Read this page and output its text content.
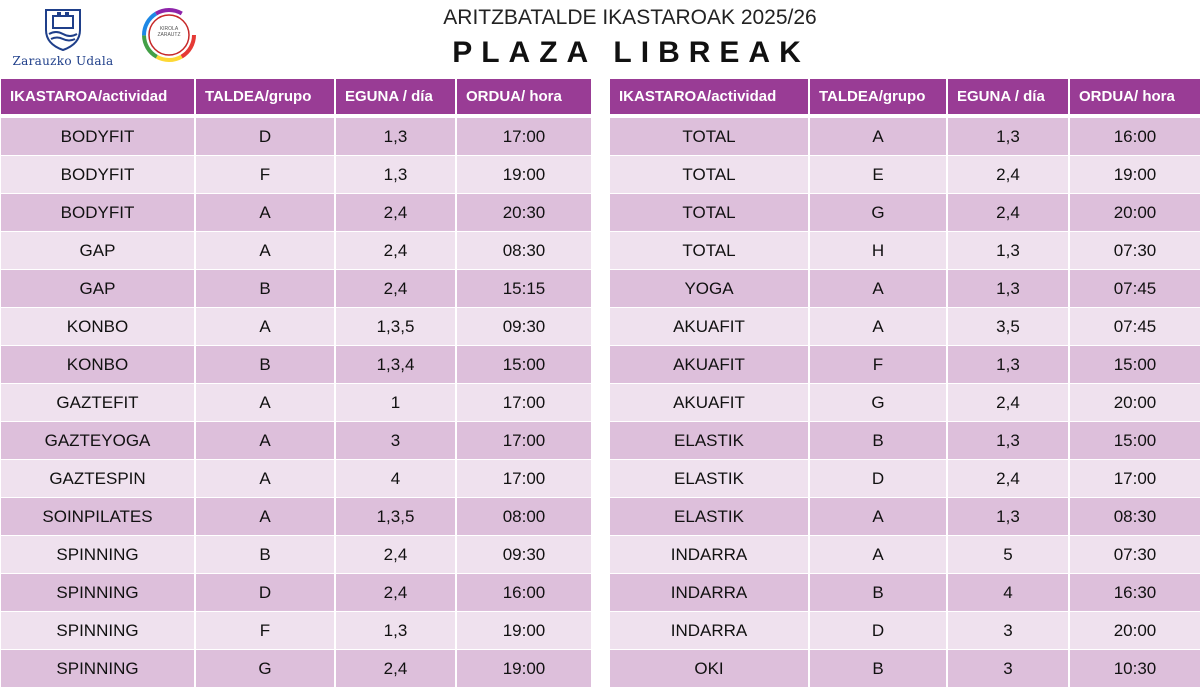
Zarauzko Udala
KIROLA ZARAUTZ
ARITZBATALDE IKASTAROAK 2025/26
PLAZA LIBREAK
IKASTAROA/actividad	TALDEA/grupo	EGUNA / día	ORDUA/ hora

BODYFIT	D	1,3	17:00
BODYFIT	F	1,3	19:00
BODYFIT	A	2,4	20:30
GAP	A	2,4	08:30
GAP	B	2,4	15:15
KONBO	A	1,3,5	09:30
KONBO	B	1,3,4	15:00
GAZTEFIT	A	1	17:00
GAZTEYOGA	A	3	17:00
GAZTESPIN	A	4	17:00
SOINPILATES	A	1,3,5	08:00
SPINNING	B	2,4	09:30
SPINNING	D	2,4	16:00
SPINNING	F	1,3	19:00
SPINNING	G	2,4	19:00
IKASTAROA/actividad	TALDEA/grupo	EGUNA / día	ORDUA/ hora

TOTAL	A	1,3	16:00
TOTAL	E	2,4	19:00
TOTAL	G	2,4	20:00
TOTAL	H	1,3	07:30
YOGA	A	1,3	07:45
AKUAFIT	A	3,5	07:45
AKUAFIT	F	1,3	15:00
AKUAFIT	G	2,4	20:00
ELASTIK	B	1,3	15:00
ELASTIK	D	2,4	17:00
ELASTIK	A	1,3	08:30
INDARRA	A	5	07:30
INDARRA	B	4	16:30
INDARRA	D	3	20:00
OKI	B	3	10:30
